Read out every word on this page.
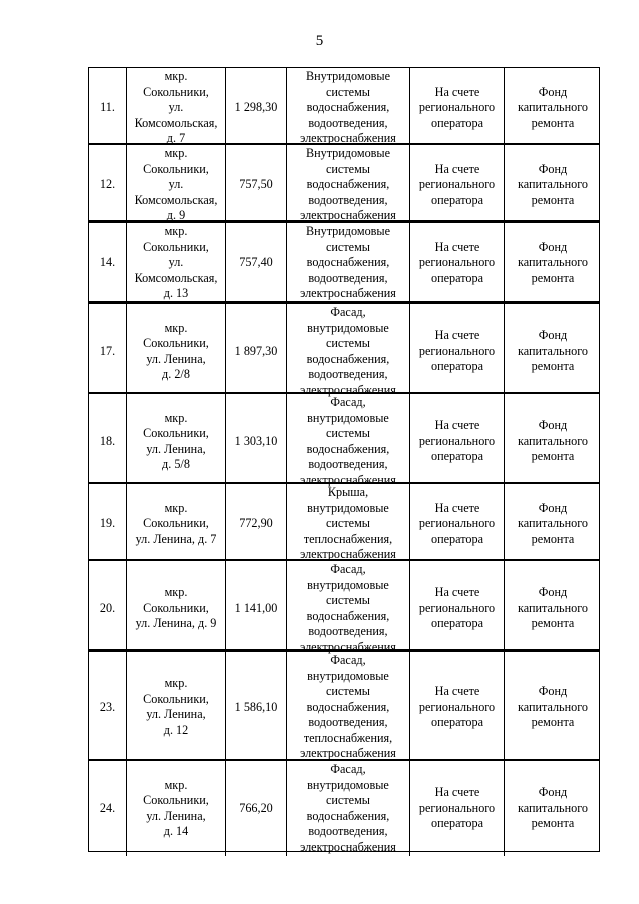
5
11.
мкр.
Сокольники,
ул.
Комсомольская,
д. 7
1 298,30
Внутридомовые
системы
водоснабжения,
водоотведения,
электроснабжения
На счете
регионального
оператора
Фонд
капитального
ремонта
12.
мкр.
Сокольники,
ул.
Комсомольская,
д. 9
757,50
Внутридомовые
системы
водоснабжения,
водоотведения,
электроснабжения
На счете
регионального
оператора
Фонд
капитального
ремонта
14.
мкр.
Сокольники,
ул.
Комсомольская,
д. 13
757,40
Внутридомовые
системы
водоснабжения,
водоотведения,
электроснабжения
На счете
регионального
оператора
Фонд
капитального
ремонта
17.
мкр.
Сокольники,
ул. Ленина,
д. 2/8
1 897,30
Фасад,
внутридомовые
системы
водоснабжения,
водоотведения,
электроснабжения
На счете
регионального
оператора
Фонд
капитального
ремонта
18.
мкр.
Сокольники,
ул. Ленина,
д. 5/8
1 303,10
Фасад,
внутридомовые
системы
водоснабжения,
водоотведения,
электроснабжения
На счете
регионального
оператора
Фонд
капитального
ремонта
19.
мкр.
Сокольники,
ул. Ленина, д. 7
772,90
Крыша,
внутридомовые
системы
теплоснабжения,
электроснабжения
На счете
регионального
оператора
Фонд
капитального
ремонта
20.
мкр.
Сокольники,
ул. Ленина, д. 9
1 141,00
Фасад,
внутридомовые
системы
водоснабжения,
водоотведения,
электроснабжения
На счете
регионального
оператора
Фонд
капитального
ремонта
23.
мкр.
Сокольники,
ул. Ленина,
д. 12
1 586,10
Фасад,
внутридомовые
системы
водоснабжения,
водоотведения,
теплоснабжения,
электроснабжения
На счете
регионального
оператора
Фонд
капитального
ремонта
24.
мкр.
Сокольники,
ул. Ленина,
д. 14
766,20
Фасад,
внутридомовые
системы
водоснабжения,
водоотведения,
электроснабжения
На счете
регионального
оператора
Фонд
капитального
ремонта
